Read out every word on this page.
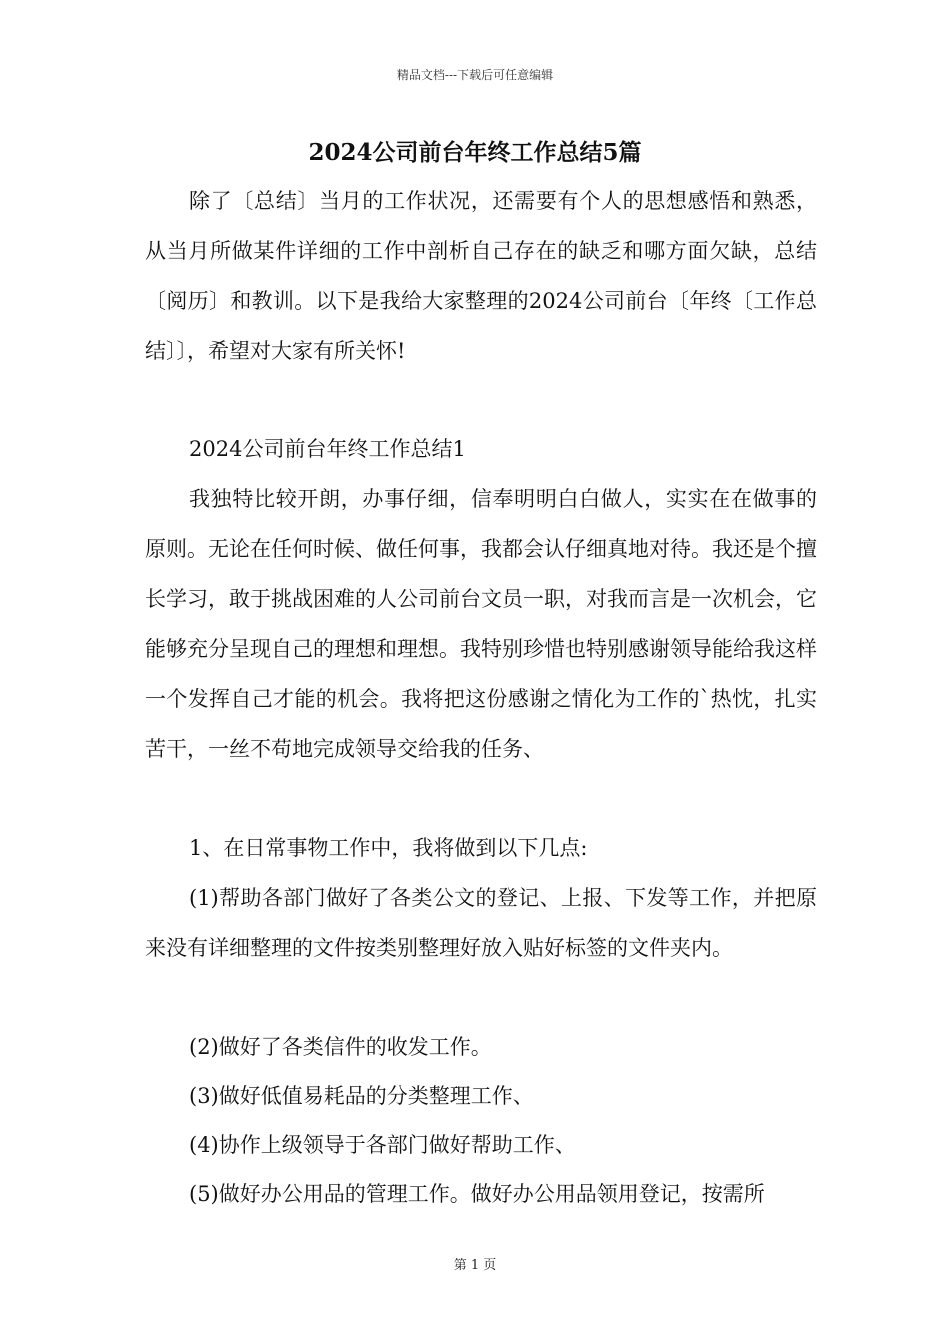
精品文档---下载后可任意编辑
2024公司前台年终工作总结5篇

除了〔总结〕当月的工作状况，还需要有个人的思想感悟和熟悉，从当月所做某件详细的工作中剖析自己存在的缺乏和哪方面欠缺，总结〔阅历〕和教训。以下是我给大家整理的2024公司前台〔年终〔工作总结〕〕，希望对大家有所关怀!

2024公司前台年终工作总结1

我独特比较开朗，办事仔细，信奉明明白白做人，实实在在做事的原则。无论在任何时候、做任何事，我都会认仔细真地对待。我还是个擅长学习，敢于挑战困难的人公司前台文员一职，对我而言是一次机会，它能够充分呈现自己的理想和理想。我特别珍惜也特别感谢领导能给我这样一个发挥自己才能的机会。我将把这份感谢之情化为工作的`热忱，扎实苦干，一丝不苟地完成领导交给我的任务、

1、在日常事物工作中，我将做到以下几点:

(1)帮助各部门做好了各类公文的登记、上报、下发等工作，并把原来没有详细整理的文件按类别整理好放入贴好标签的文件夹内。

(2)做好了各类信件的收发工作。

(3)做好低值易耗品的分类整理工作、

(4)协作上级领导于各部门做好帮助工作、

(5)做好办公用品的管理工作。做好办公用品领用登记，按需所

第 1 页
